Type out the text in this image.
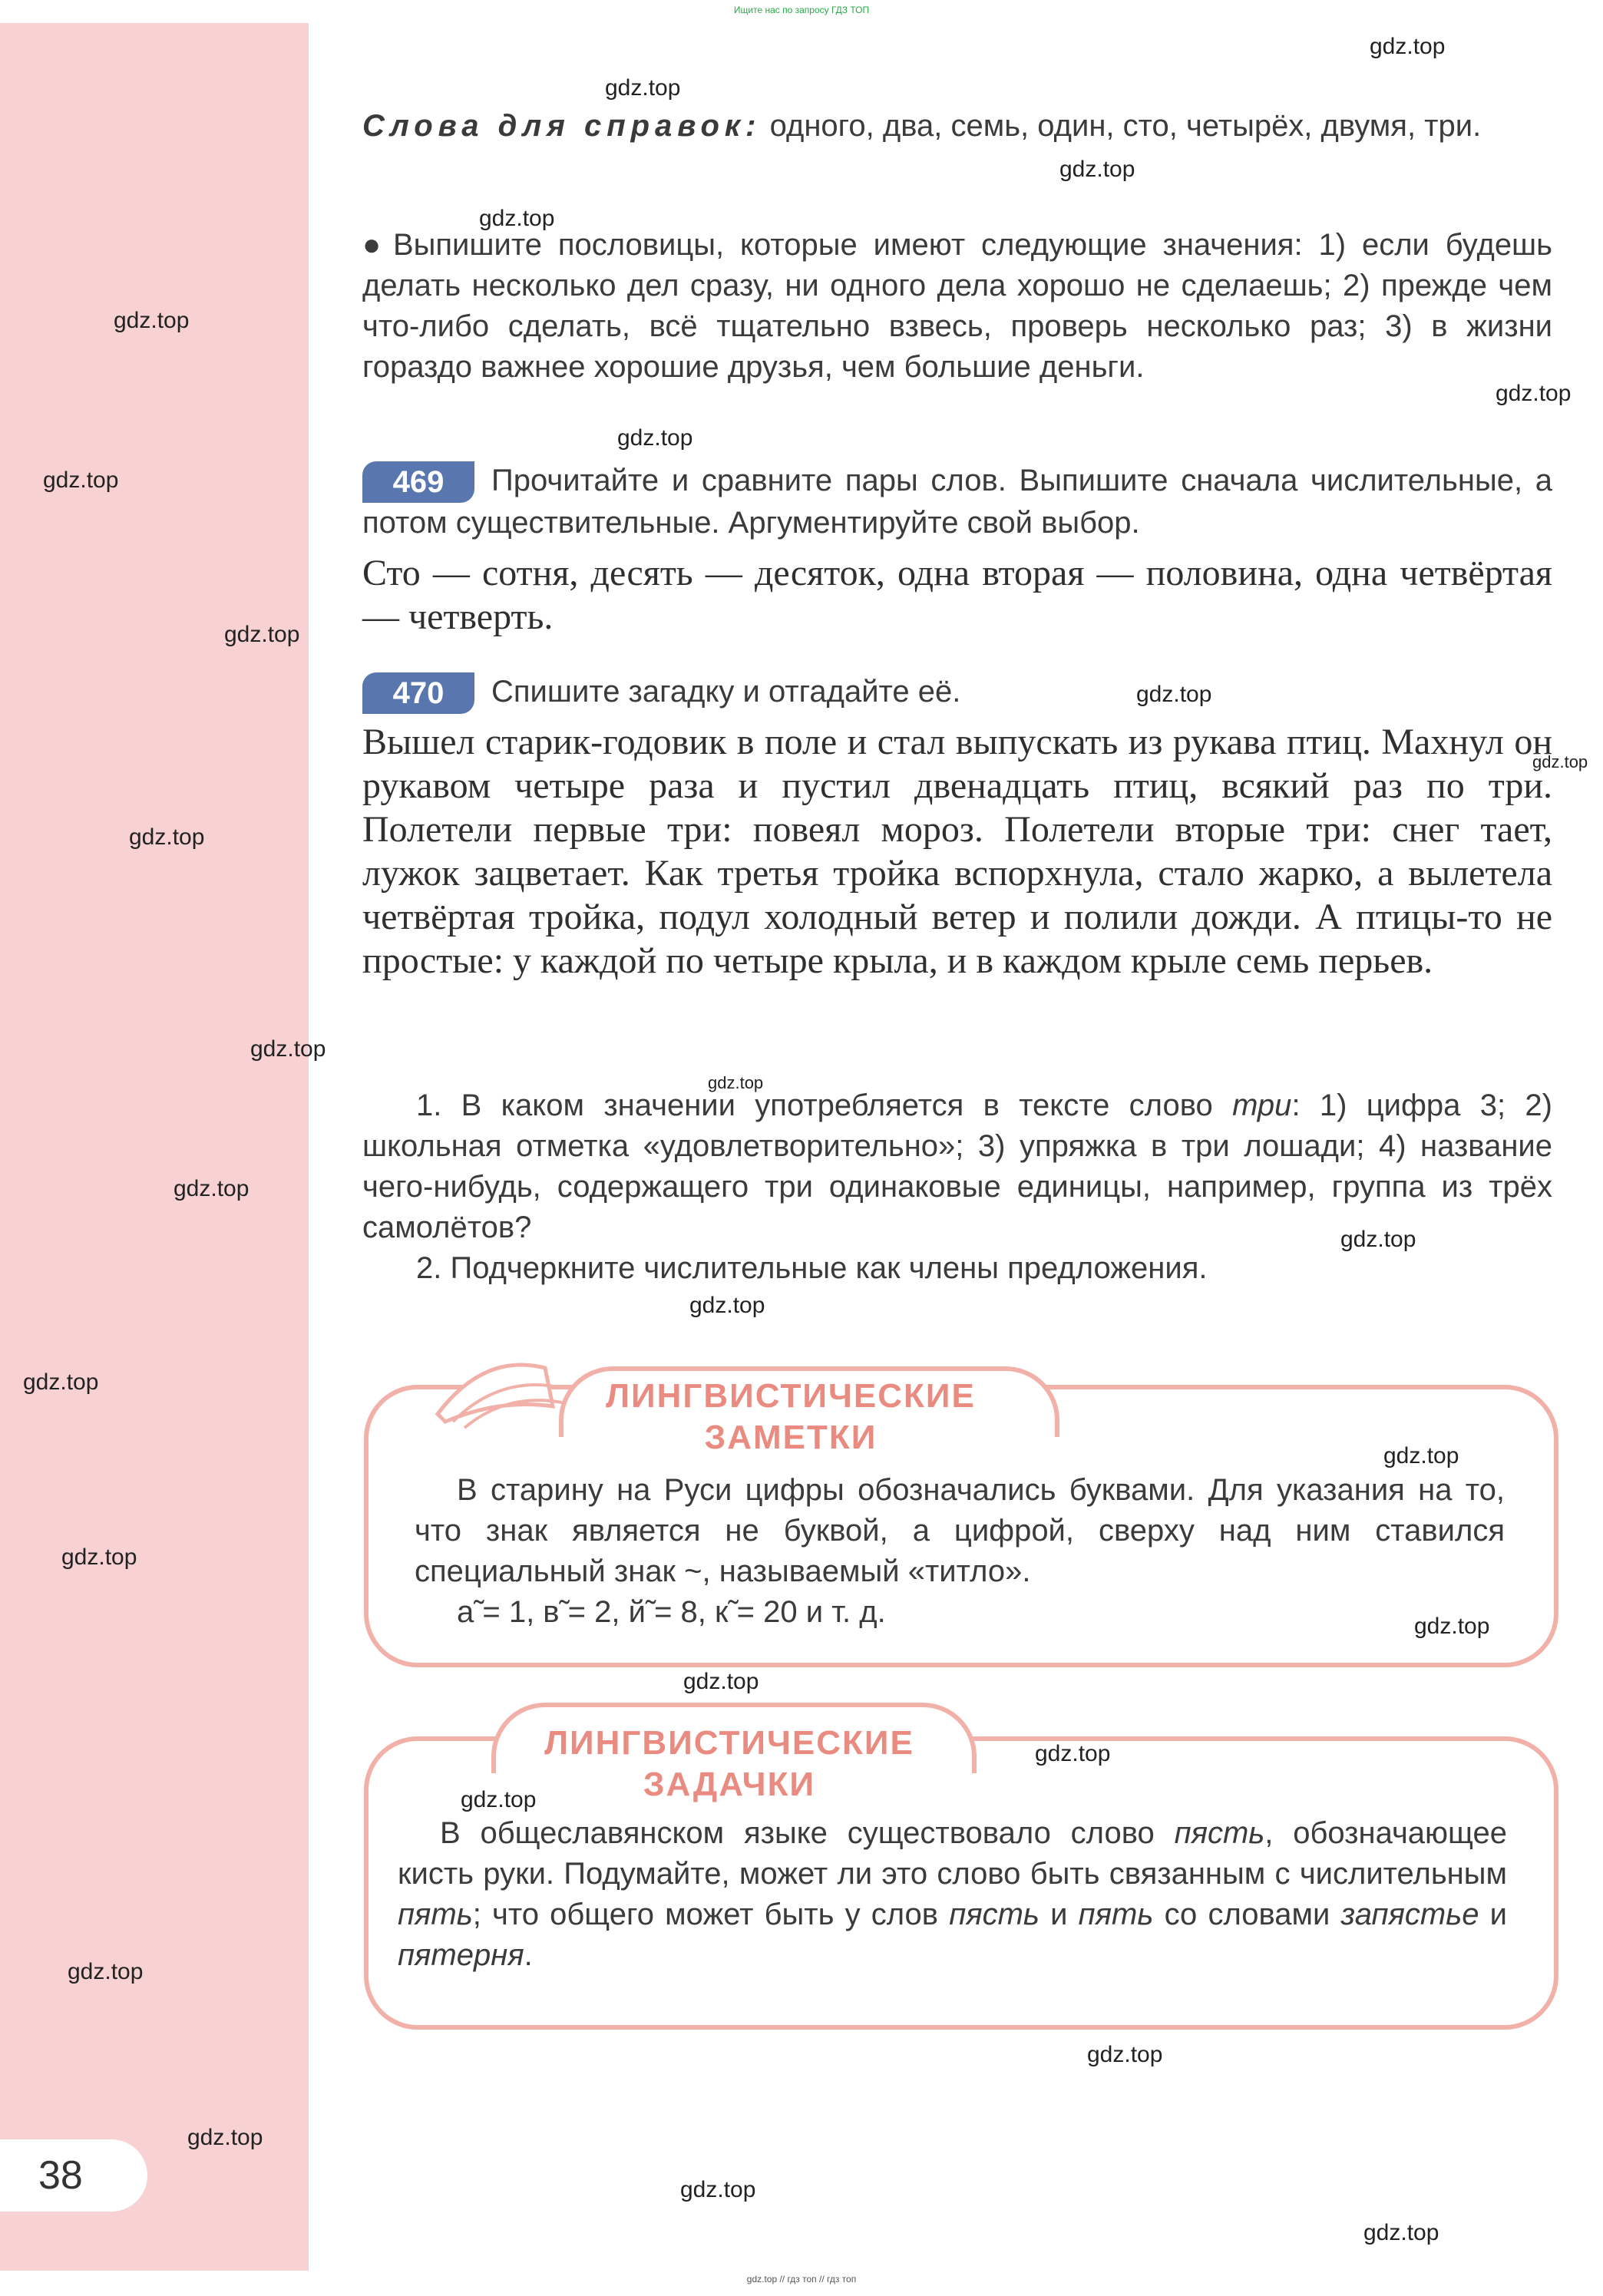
38
Ищите нас по запросу ГДЗ ТОП
gdz.top // гдз топ // гдз топ
Слова для справок: одного, два, семь, один, сто, четырёх, двумя, три.
● Выпишите пословицы, которые имеют следующие значения: 1) если будешь делать несколько дел сразу, ни одного дела хорошо не сделаешь; 2) прежде чем что-либо сделать, всё тщательно взвесь, проверь несколько раз; 3) в жизни гораздо важнее хорошие друзья, чем большие деньги.
469 Прочитайте и сравните пары слов. Выпишите сначала числительные, а потом существительные. Аргументируйте свой выбор.
Сто — сотня, десять — десяток, одна вторая — половина, одна четвёртая — четверть.
470 Спишите загадку и отгадайте её.
Вышел старик-годовик в поле и стал выпускать из рукава птиц. Махнул он рукавом четыре раза и пустил двенадцать птиц, всякий раз по три. Полетели первые три: повеял мороз. Полетели вторые три: снег тает, лужок зацветает. Как третья тройка вспорхнула, стало жарко, а вылетела четвёртая тройка, подул холодный ветер и полили дожди. А птицы-то не простые: у каждой по четыре крыла, и в каждом крыле семь перьев.

1. В каком значении употребляется в тексте слово три: 1) цифра 3; 2) школьная отметка «удовлетворительно»; 3) упряжка в три лошади; 4) название чего-нибудь, содержащего три одинаковые единицы, например, группа из трёх самолётов?

2. Подчеркните числительные как члены предложения.

ЛИНГВИСТИЧЕСКИЕ
ЗАМЕТКИ

В старину на Руси цифры обозначались буквами. Для указания на то, что знак является не буквой, а цифрой, сверху над ним ставился специальный знак ~, называемый «титло».

а̃ = 1, в̃ = 2, й̃ = 8, к̃ = 20 и т. д.
ЛИНГВИСТИЧЕСКИЕ
ЗАДАЧКИ

В общеславянском языке существовало слово пясть, обозначающее кисть руки. Подумайте, может ли это слово быть связанным с числительным пять; что общего может быть у слов пясть и пять со словами запястье и пятерня.

gdz.top
gdz.top
gdz.top
gdz.top
gdz.top
gdz.top
gdz.top
gdz.top
gdz.top
gdz.top
gdz.top
gdz.top
gdz.top
gdz.top
gdz.top
gdz.top
gdz.top
gdz.top
gdz.top
gdz.top
gdz.top
gdz.top
gdz.top
gdz.top
gdz.top
gdz.top
gdz.top
gdz.top
gdz.top
